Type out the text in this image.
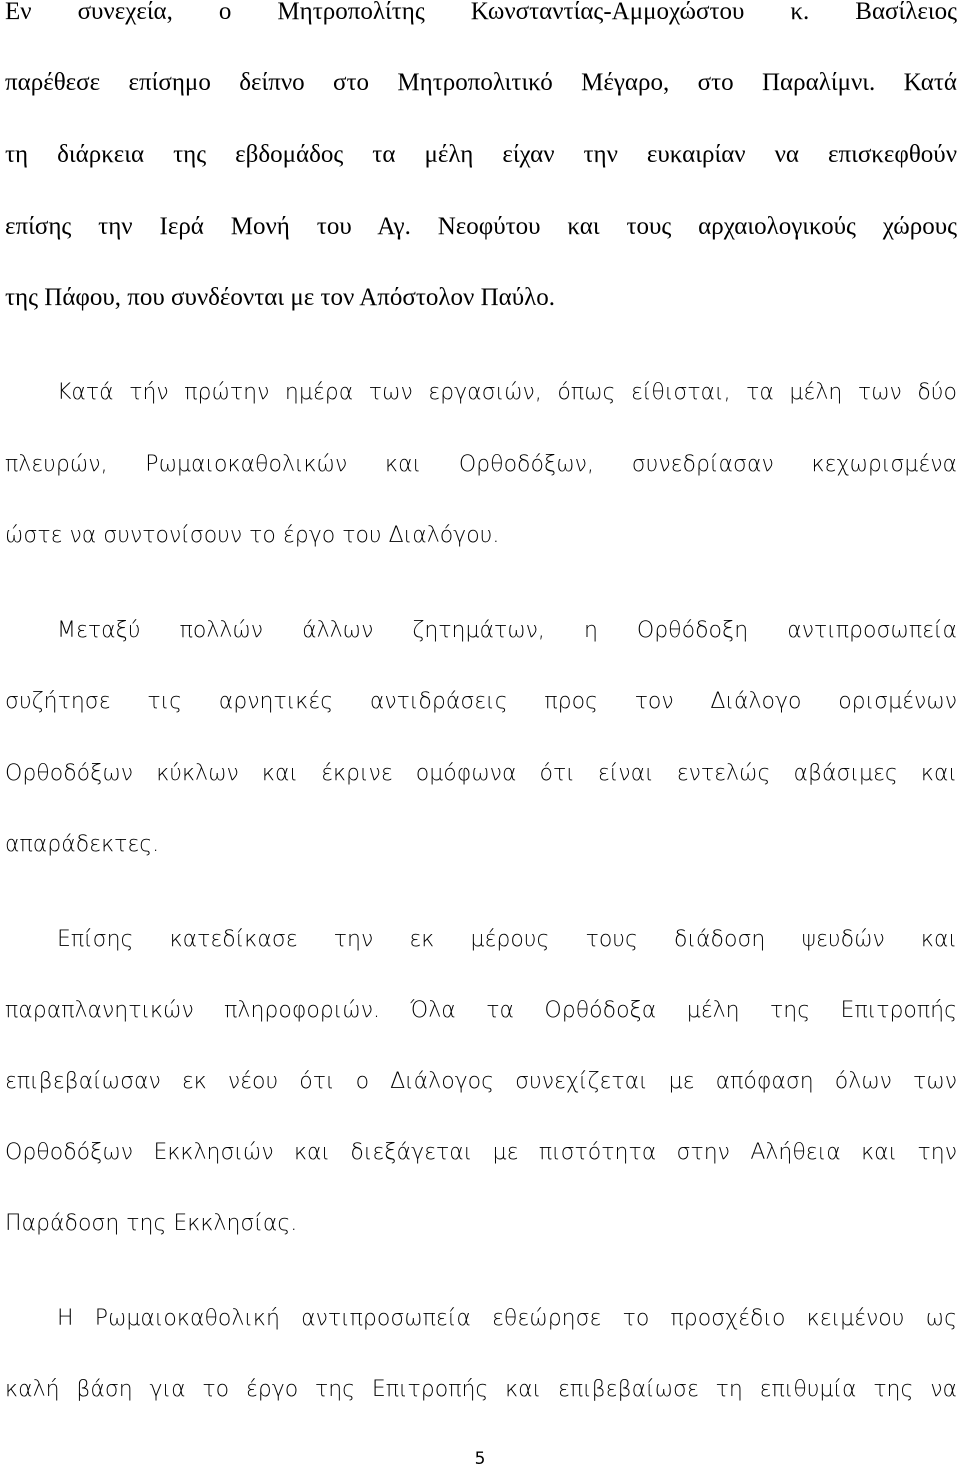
Εν συνεχεία, ο Μητροπολίτης Κωνσταντίας-Αμμοχώστου κ. Βασίλειος
παρέθεσε επίσημο δείπνο στο Μητροπολιτικό Μέγαρο, στο Παραλίμνι. Κατά
τη διάρκεια της εβδομάδος τα μέλη είχαν την ευκαιρίαν να επισκεφθούν
επίσης την Ιερά Μονή του Αγ. Νεοφύτου και τους αρχαιολογικούς χώρους
της Πάφου, που συνδέονται με τον Απόστολον Παύλο.
Κατά τήν πρώτην ημέρα των εργασιών, όπως είθισται, τα μέλη των δύο
πλευρών, Ρωμαιοκαθολικών και Ορθοδόξων, συνεδρίασαν κεχωρισμένα
ώστε να συντονίσουν το έργο του Διαλόγου.
Μεταξύ πολλών άλλων ζητημάτων, η Ορθόδοξη αντιπροσωπεία
συζήτησε τις αρνητικές αντιδράσεις προς τον Διάλογο ορισμένων
Ορθοδόξων κύκλων και έκρινε ομόφωνα ότι είναι εντελώς αβάσιμες και
απαράδεκτες.
Επίσης κατεδίκασε την εκ μέρους τους διάδοση ψευδών και
παραπλανητικών πληροφοριών. Όλα τα Ορθόδοξα μέλη της Επιτροπής
επιβεβαίωσαν εκ νέου ότι ο Διάλογος συνεχίζεται με απόφαση όλων των
Ορθοδόξων Εκκλησιών και διεξάγεται με πιστότητα στην Αλήθεια και την
Παράδοση της Εκκλησίας.
Η Ρωμαιοκαθολική αντιπροσωπεία εθεώρησε το προσχέδιο κειμένου ως
καλή βάση για το έργο της Επιτροπής και επιβεβαίωσε τη επιθυμία της να
5
